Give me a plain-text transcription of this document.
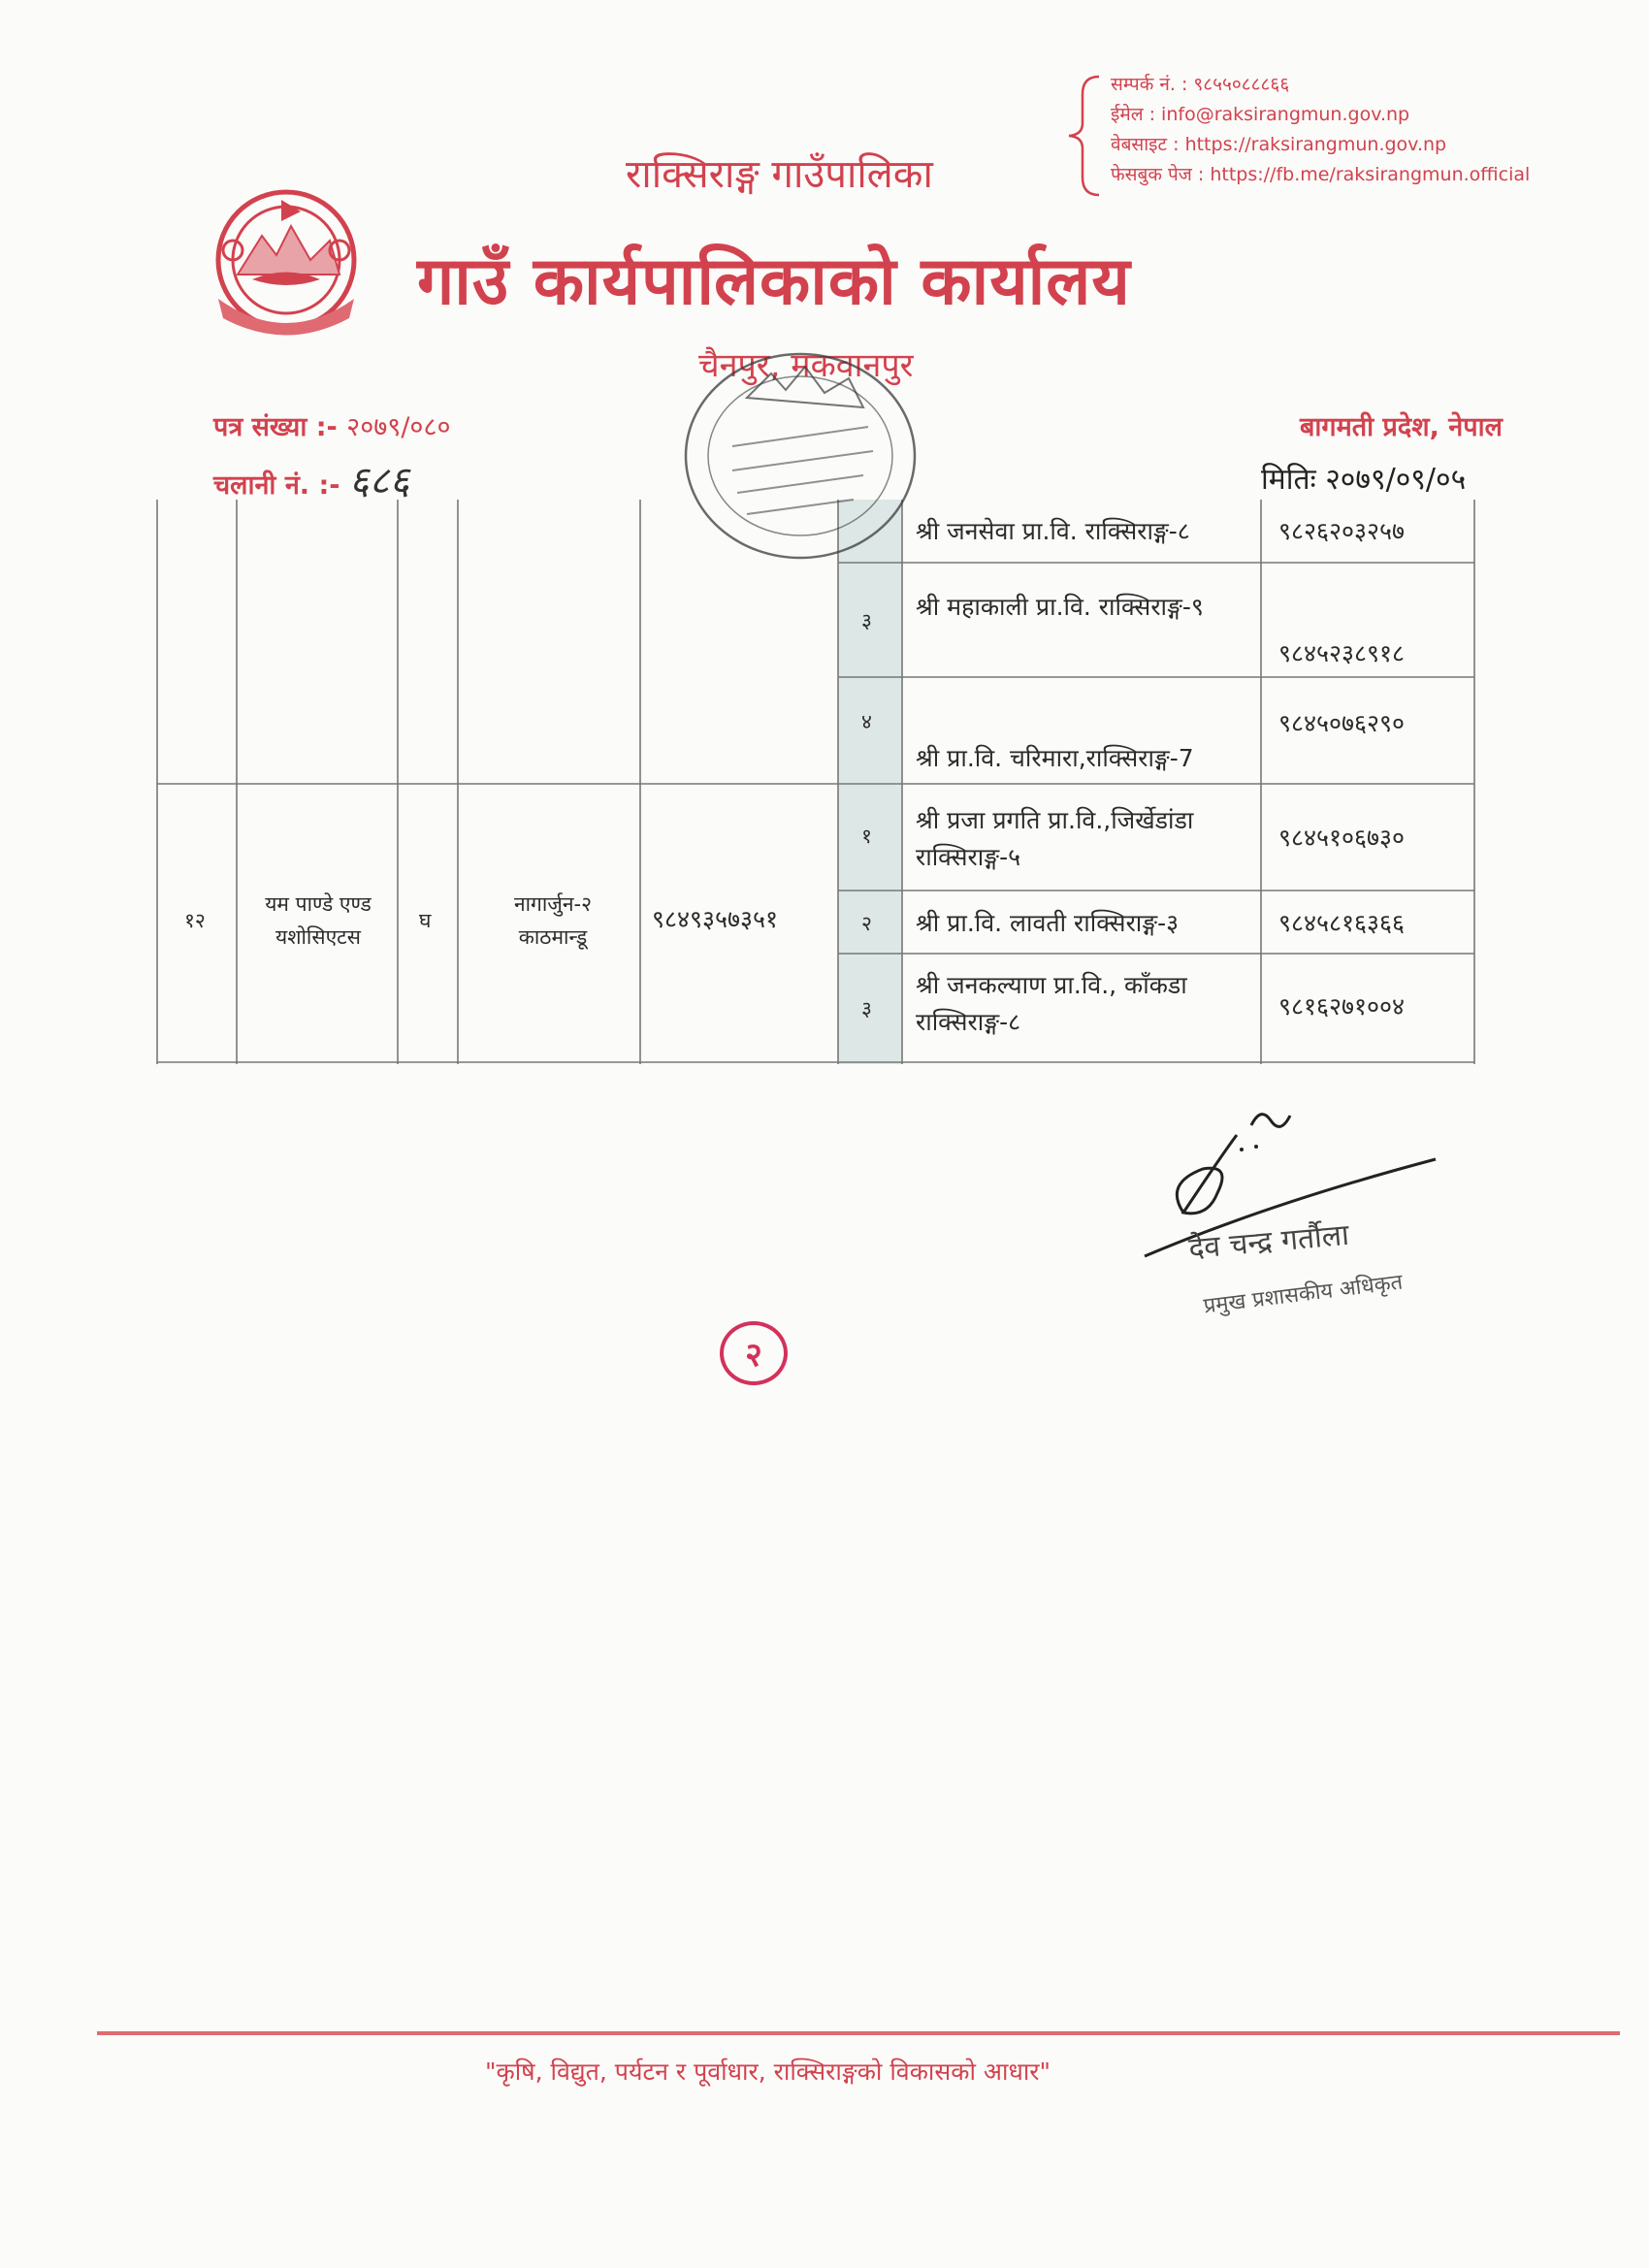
राक्सिराङ्ग गाउँपालिका
गाउँ कार्यपालिकाको कार्यालय
चैनपुर, मकवानपुर
सम्पर्क नं. : ९८५५०८८८६६
ईमेल : info@raksirangmun.gov.np
वेबसाइट : https://raksirangmun.gov.np
फेसबुक पेज : https://fb.me/raksirangmun.official
पत्र संख्या :- २०७९/०८०
चलानी नं. :- ६८६
बागमती प्रदेश, नेपाल
मितिः २०७९/०९/०५
श्री जनसेवा प्रा.वि. राक्सिराङ्ग-८	९८२६२०३२५७
३ श्री महाकाली प्रा.वि. राक्सिराङ्ग-९
९८४५२३८९१८
४
श्री प्रा.वि. चरिमारा,राक्सिराङ्ग-7
९८४५०७६२९०
१२
यम पाण्डे एण्ड यशोसिएटस
घ
नागार्जुन-२ काठमान्डू
९८४९३५७३५१
१
श्री प्रजा प्रगति प्रा.वि.,जिर्खेडांडा राक्सिराङ्ग-५
९८४५१०६७३०
२ श्री प्रा.वि. लावती राक्सिराङ्ग-३	९८४५८१६३६६
३
श्री जनकल्याण प्रा.वि., काँकडा राक्सिराङ्ग-८
९८१६२७१००४
देव चन्द्र गर्तौला
प्रमुख प्रशासकीय अधिकृत
२
"कृषि, विद्युत, पर्यटन र पूर्वाधार, राक्सिराङ्गको विकासको आधार"
